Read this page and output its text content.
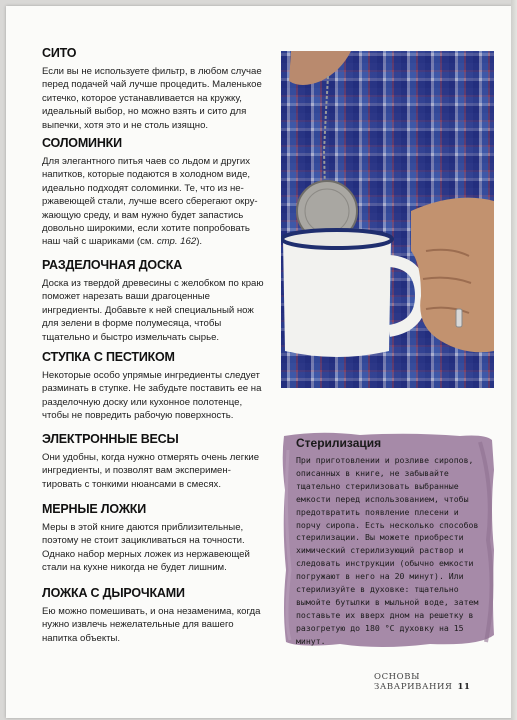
СИТО

Если вы не используете фильтр, в любом случае перед подачей чай лучше процедить. Маленькое ситечко, которое устанавливается на кружку, идеальный выбор, но можно взять и сито для выпечки, хотя это и не столь изящно.

СОЛОМИНКИ

Для элегантного питья чаев со льдом и других напитков, которые подаются в холодном виде, идеально подходят соломинки. Те, что из нержавеющей стали, лучше всего сберегают окружающую среду, и вам нужно будет запастись довольно широкими, если хотите попробовать наш чай с шариками (см. стр. 162).

РАЗДЕЛОЧНАЯ ДОСКА

Доска из твердой древесины с желобком по краю поможет нарезать ваши драгоценные ингредиенты. Добавьте к ней специальный нож для зелени в форме полумесяца, чтобы тщательно и быстро измельчать сырье.

СТУПКА С ПЕСТИКОМ

Некоторые особо упрямые ингредиенты следует разминать в ступке. Не забудьте поставить ее на разделочную доску или кухонное полотенце, чтобы не повредить рабочую поверхность.

ЭЛЕКТРОННЫЕ ВЕСЫ

Они удобны, когда нужно отмерять очень легкие ингредиенты, и позволят вам экспериментировать с тонкими нюансами в смесях.

МЕРНЫЕ ЛОЖКИ

Меры в этой книге даются приблизительные, поэтому не стоит зацикливаться на точности. Однако набор мерных ложек из нержавеющей стали на кухне никогда не будет лишним.

ЛОЖКА С ДЫРОЧКАМИ

Ею можно помешивать, и она незаменима, когда нужно извлечь нежелательные для вашего напитка объекты.

Стерилизация

При приготовлении и розливе сиропов, описанных в книге, не забывайте тщательно стерилизовать выбранные емкости перед использованием, чтобы предотвратить появление плесени и порчу сиропа. Есть несколько способов стерилизации. Вы можете приобрести химический стерилизующий раствор и следовать инструкции (обычно емкости погружают в него на 20 минут). Или стерилизуйте в духовке: тщательно вымойте бутылки в мыльной воде, затем поставьте их вверх дном на решетку в разогретую до 180 °С духовку на 15 минут.

ОСНОВЫ ЗАВАРИВАНИЯ 11
